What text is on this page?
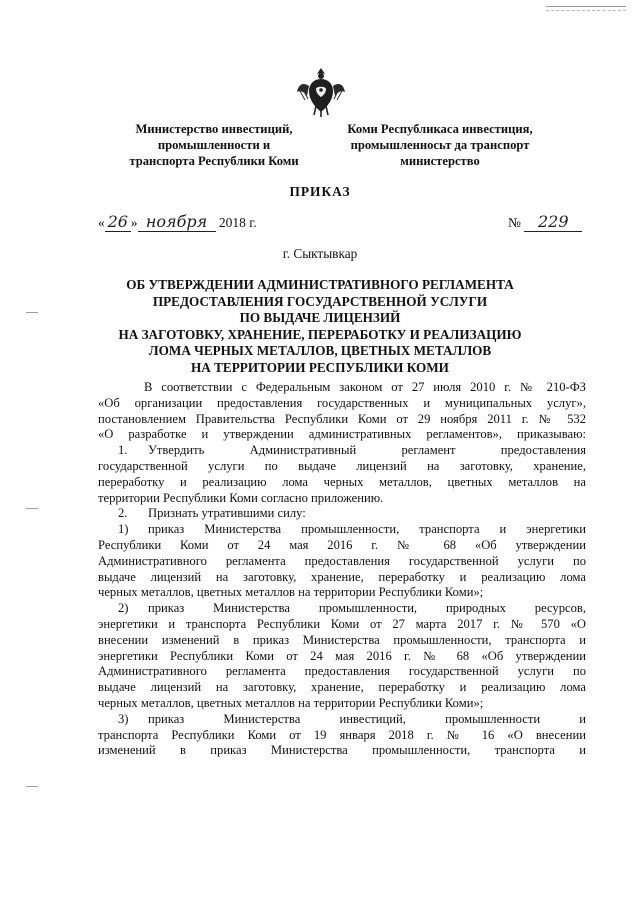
Министерство инвестиций,
промышленности и
транспорта Республики Коми
Коми Республикаса инвестиция,
промышленносьт да транспорт
министерство
ПРИКАЗ
« 26 » ноября 2018 г.	№ 229
г. Сыктывкар
ОБ УТВЕРЖДЕНИИ АДМИНИСТРАТИВНОГО РЕГЛАМЕНТА
ПРЕДОСТАВЛЕНИЯ ГОСУДАРСТВЕННОЙ УСЛУГИ
ПО ВЫДАЧЕ ЛИЦЕНЗИЙ
НА ЗАГОТОВКУ, ХРАНЕНИЕ, ПЕРЕРАБОТКУ И РЕАЛИЗАЦИЮ
ЛОМА ЧЕРНЫХ МЕТАЛЛОВ, ЦВЕТНЫХ МЕТАЛЛОВ
НА ТЕРРИТОРИИ РЕСПУБЛИКИ КОМИ

В соответствии с Федеральным законом от 27 июля 2010 г. № 210-ФЗ

«Об организации предоставления государственных и муниципальных услуг»,

постановлением Правительства Республики Коми от 29 ноября 2011 г. № 532

«О разработке и утверждении административных регламентов», приказываю:

1. Утвердить Административный регламент предоставления

государственной услуги по выдаче лицензий на заготовку, хранение,

переработку и реализацию лома черных металлов, цветных металлов на

территории Республики Коми согласно приложению.

2. Признать утратившими силу:

1) приказ Министерства промышленности, транспорта и энергетики

Республики Коми от 24 мая 2016 г. № 68 «Об утверждении

Административного регламента предоставления государственной услуги по

выдаче лицензий на заготовку, хранение, переработку и реализацию лома

черных металлов, цветных металлов на территории Республики Коми»;

2) приказ Министерства промышленности, природных ресурсов,

энергетики и транспорта Республики Коми от 27 марта 2017 г. № 570 «О

внесении изменений в приказ Министерства промышленности, транспорта и

энергетики Республики Коми от 24 мая 2016 г. № 68 «Об утверждении

Административного регламента предоставления государственной услуги по

выдаче лицензий на заготовку, хранение, переработку и реализацию лома

черных металлов, цветных металлов на территории Республики Коми»;

3) приказ Министерства инвестиций, промышленности и

транспорта Республики Коми от 19 января 2018 г. № 16 «О внесении

изменений в приказ Министерства промышленности, транспорта и
